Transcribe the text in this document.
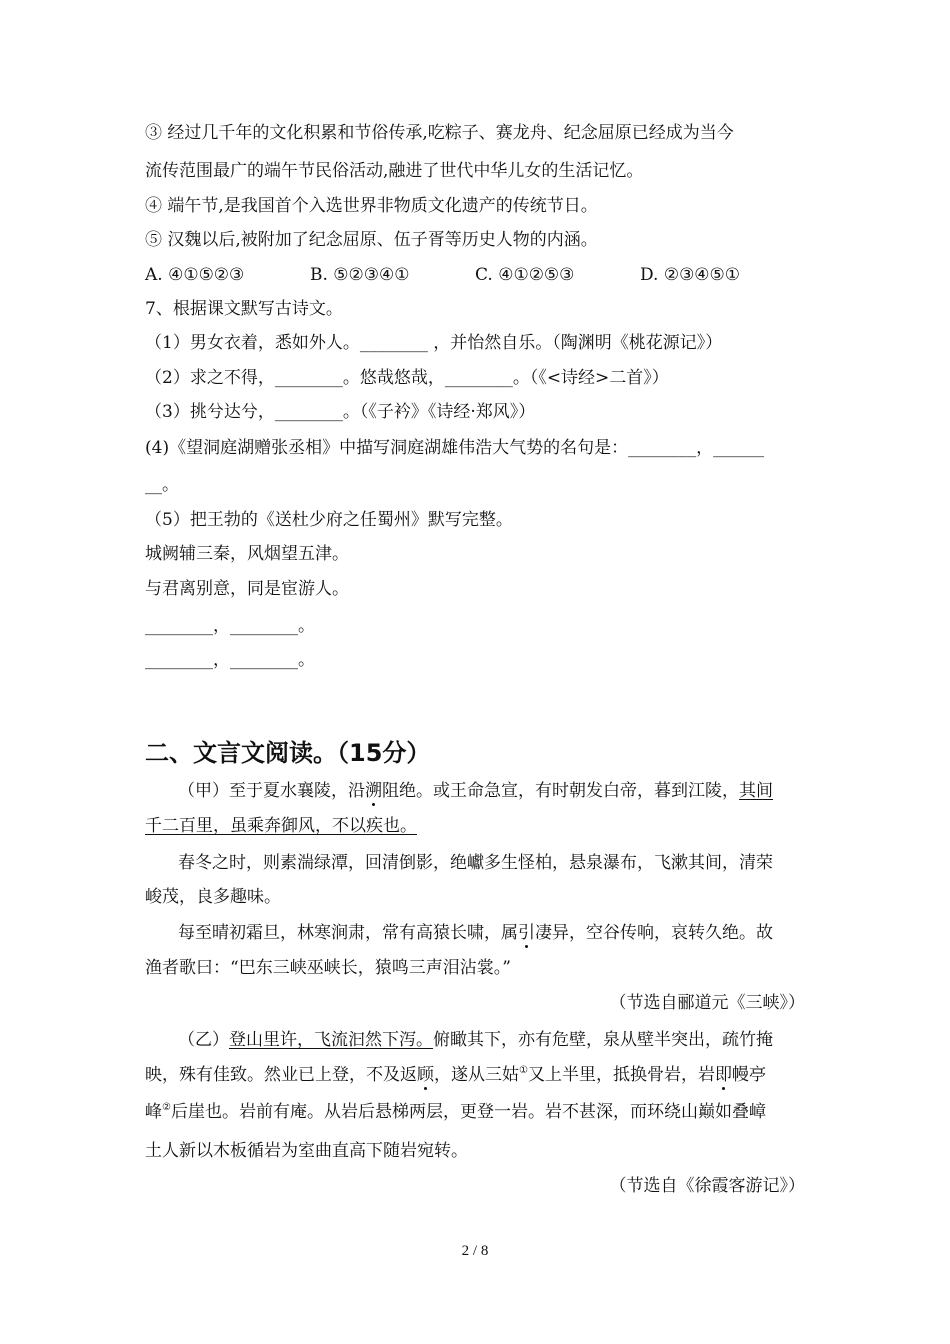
③ 经过几千年的文化积累和节俗传承,吃粽子、赛龙舟、纪念屈原已经成为当今
流传范围最广的端午节民俗活动,融进了世代中华儿女的生活记忆。
④ 端午节,是我国首个入选世界非物质文化遗产的传统节日。
⑤ 汉魏以后,被附加了纪念屈原、伍子胥等历史人物的内涵。
A. ④①⑤②③	B. ⑤②③④①	C. ④①②⑤③	D. ②③④⑤①
7、根据课文默写古诗文。
（1）男女衣着，悉如外人。________ ，并怡然自乐。（陶渊明《桃花源记》）
（2）求之不得，________。悠哉悠哉，________。（《<诗经>二首》）
（3）挑兮达兮，________。（《子衿》《诗经·郑风》）
(4)《望洞庭湖赠张丞相》中描写洞庭湖雄伟浩大气势的名句是：________，______
__。
（5）把王勃的《送杜少府之任蜀州》默写完整。
城阙辅三秦，风烟望五津。
与君离别意，同是宦游人。
________，________。
________，________。
二、文言文阅读。（15分）
（甲）至于夏水襄陵，沿溯阻绝。或王命急宣，有时朝发白帝，暮到江陵，其间
千二百里，虽乘奔御风，不以疾也。
春冬之时，则素湍绿潭，回清倒影，绝巘多生怪柏，悬泉瀑布，飞漱其间，清荣
峻茂，良多趣味。
每至晴初霜旦，林寒涧肃，常有高猿长啸，属引凄异，空谷传响，哀转久绝。故
渔者歌曰：“巴东三峡巫峡长，猿鸣三声泪沾裳。”
（节选自郦道元《三峡》）
（乙）登山里许，飞流汩然下泻。俯瞰其下，亦有危壁，泉从壁半突出，疏竹掩
映，殊有佳致。然业已上登，不及返顾，遂从三姑①又上半里，抵换骨岩，岩即幔亭
峰②后崖也。岩前有庵。从岩后悬梯两层，更登一岩。岩不甚深，而环绕山巅如叠嶂
土人新以木板循岩为室曲直高下随岩宛转。
（节选自《徐霞客游记》）
2 / 8
